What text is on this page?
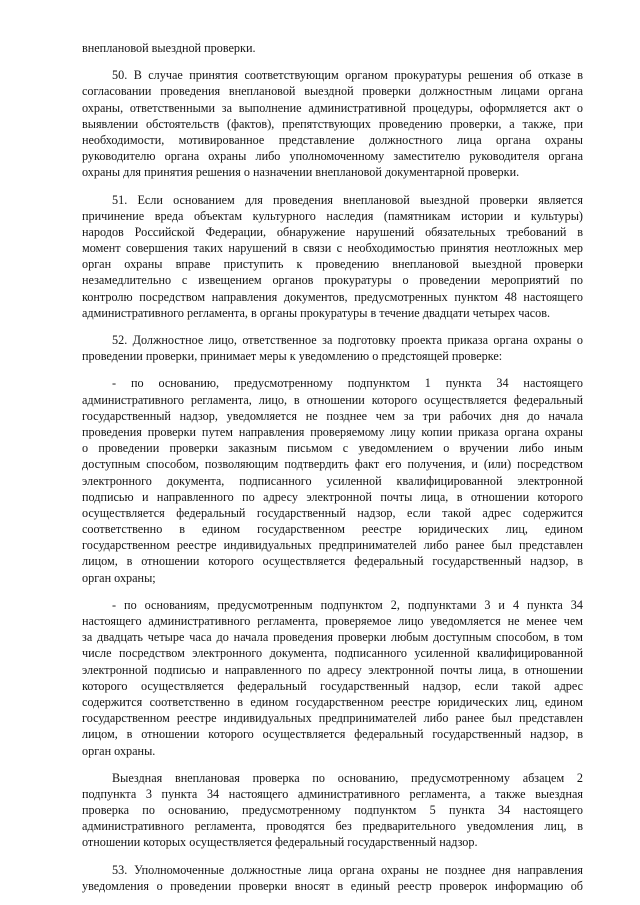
внеплановой выездной проверки.
50. В случае принятия соответствующим органом прокуратуры решения об отказе в
согласовании проведения внеплановой выездной проверки должностным лицами органа
охраны, ответственными за выполнение административной процедуры, оформляется акт о
выявлении обстоятельств (фактов), препятствующих проведению проверки, а также, при
необходимости, мотивированное представление должностного лица органа охраны
руководителю органа охраны либо уполномоченному заместителю руководителя органа
охраны для принятия решения о назначении внеплановой документарной проверки.
51. Если основанием для проведения внеплановой выездной проверки является
причинение вреда объектам культурного наследия (памятникам истории и культуры)
народов Российской Федерации, обнаружение нарушений обязательных требований в
момент совершения таких нарушений в связи с необходимостью принятия неотложных мер
орган охраны вправе приступить к проведению внеплановой выездной проверки
незамедлительно с извещением органов прокуратуры о проведении мероприятий по
контролю посредством направления документов, предусмотренных пунктом 48 настоящего
административного регламента, в органы прокуратуры в течение двадцати четырех часов.
52. Должностное лицо, ответственное за подготовку проекта приказа органа охраны о
проведении проверки, принимает меры к уведомлению о предстоящей проверке:
- по основанию, предусмотренному подпунктом 1 пункта 34 настоящего
административного регламента, лицо, в отношении которого осуществляется федеральный
государственный надзор, уведомляется не позднее чем за три рабочих дня до начала
проведения проверки путем направления проверяемому лицу копии приказа органа охраны
о проведении проверки заказным письмом с уведомлением о вручении либо иным
доступным способом, позволяющим подтвердить факт его получения, и (или) посредством
электронного документа, подписанного усиленной квалифицированной электронной
подписью и направленного по адресу электронной почты лица, в отношении которого
осуществляется федеральный государственный надзор, если такой адрес содержится
соответственно в едином государственном реестре юридических лиц, едином
государственном реестре индивидуальных предпринимателей либо ранее был представлен
лицом, в отношении которого осуществляется федеральный государственный надзор, в
орган охраны;
- по основаниям, предусмотренным подпунктом 2, подпунктами 3 и 4 пункта 34
настоящего административного регламента, проверяемое лицо уведомляется не менее чем
за двадцать четыре часа до начала проведения проверки любым доступным способом, в том
числе посредством электронного документа, подписанного усиленной квалифицированной
электронной подписью и направленного по адресу электронной почты лица, в отношении
которого осуществляется федеральный государственный надзор, если такой адрес
содержится соответственно в едином государственном реестре юридических лиц, едином
государственном реестре индивидуальных предпринимателей либо ранее был представлен
лицом, в отношении которого осуществляется федеральный государственный надзор, в
орган охраны.
Выездная внеплановая проверка по основанию, предусмотренному абзацем 2
подпункта 3 пункта 34 настоящего административного регламента, а также выездная
проверка по основанию, предусмотренному подпунктом 5 пункта 34 настоящего
административного регламента, проводятся без предварительного уведомления лиц, в
отношении которых осуществляется федеральный государственный надзор.
53. Уполномоченные должностные лица органа охраны не позднее дня направления
уведомления о проведении проверки вносят в единый реестр проверок информацию об
